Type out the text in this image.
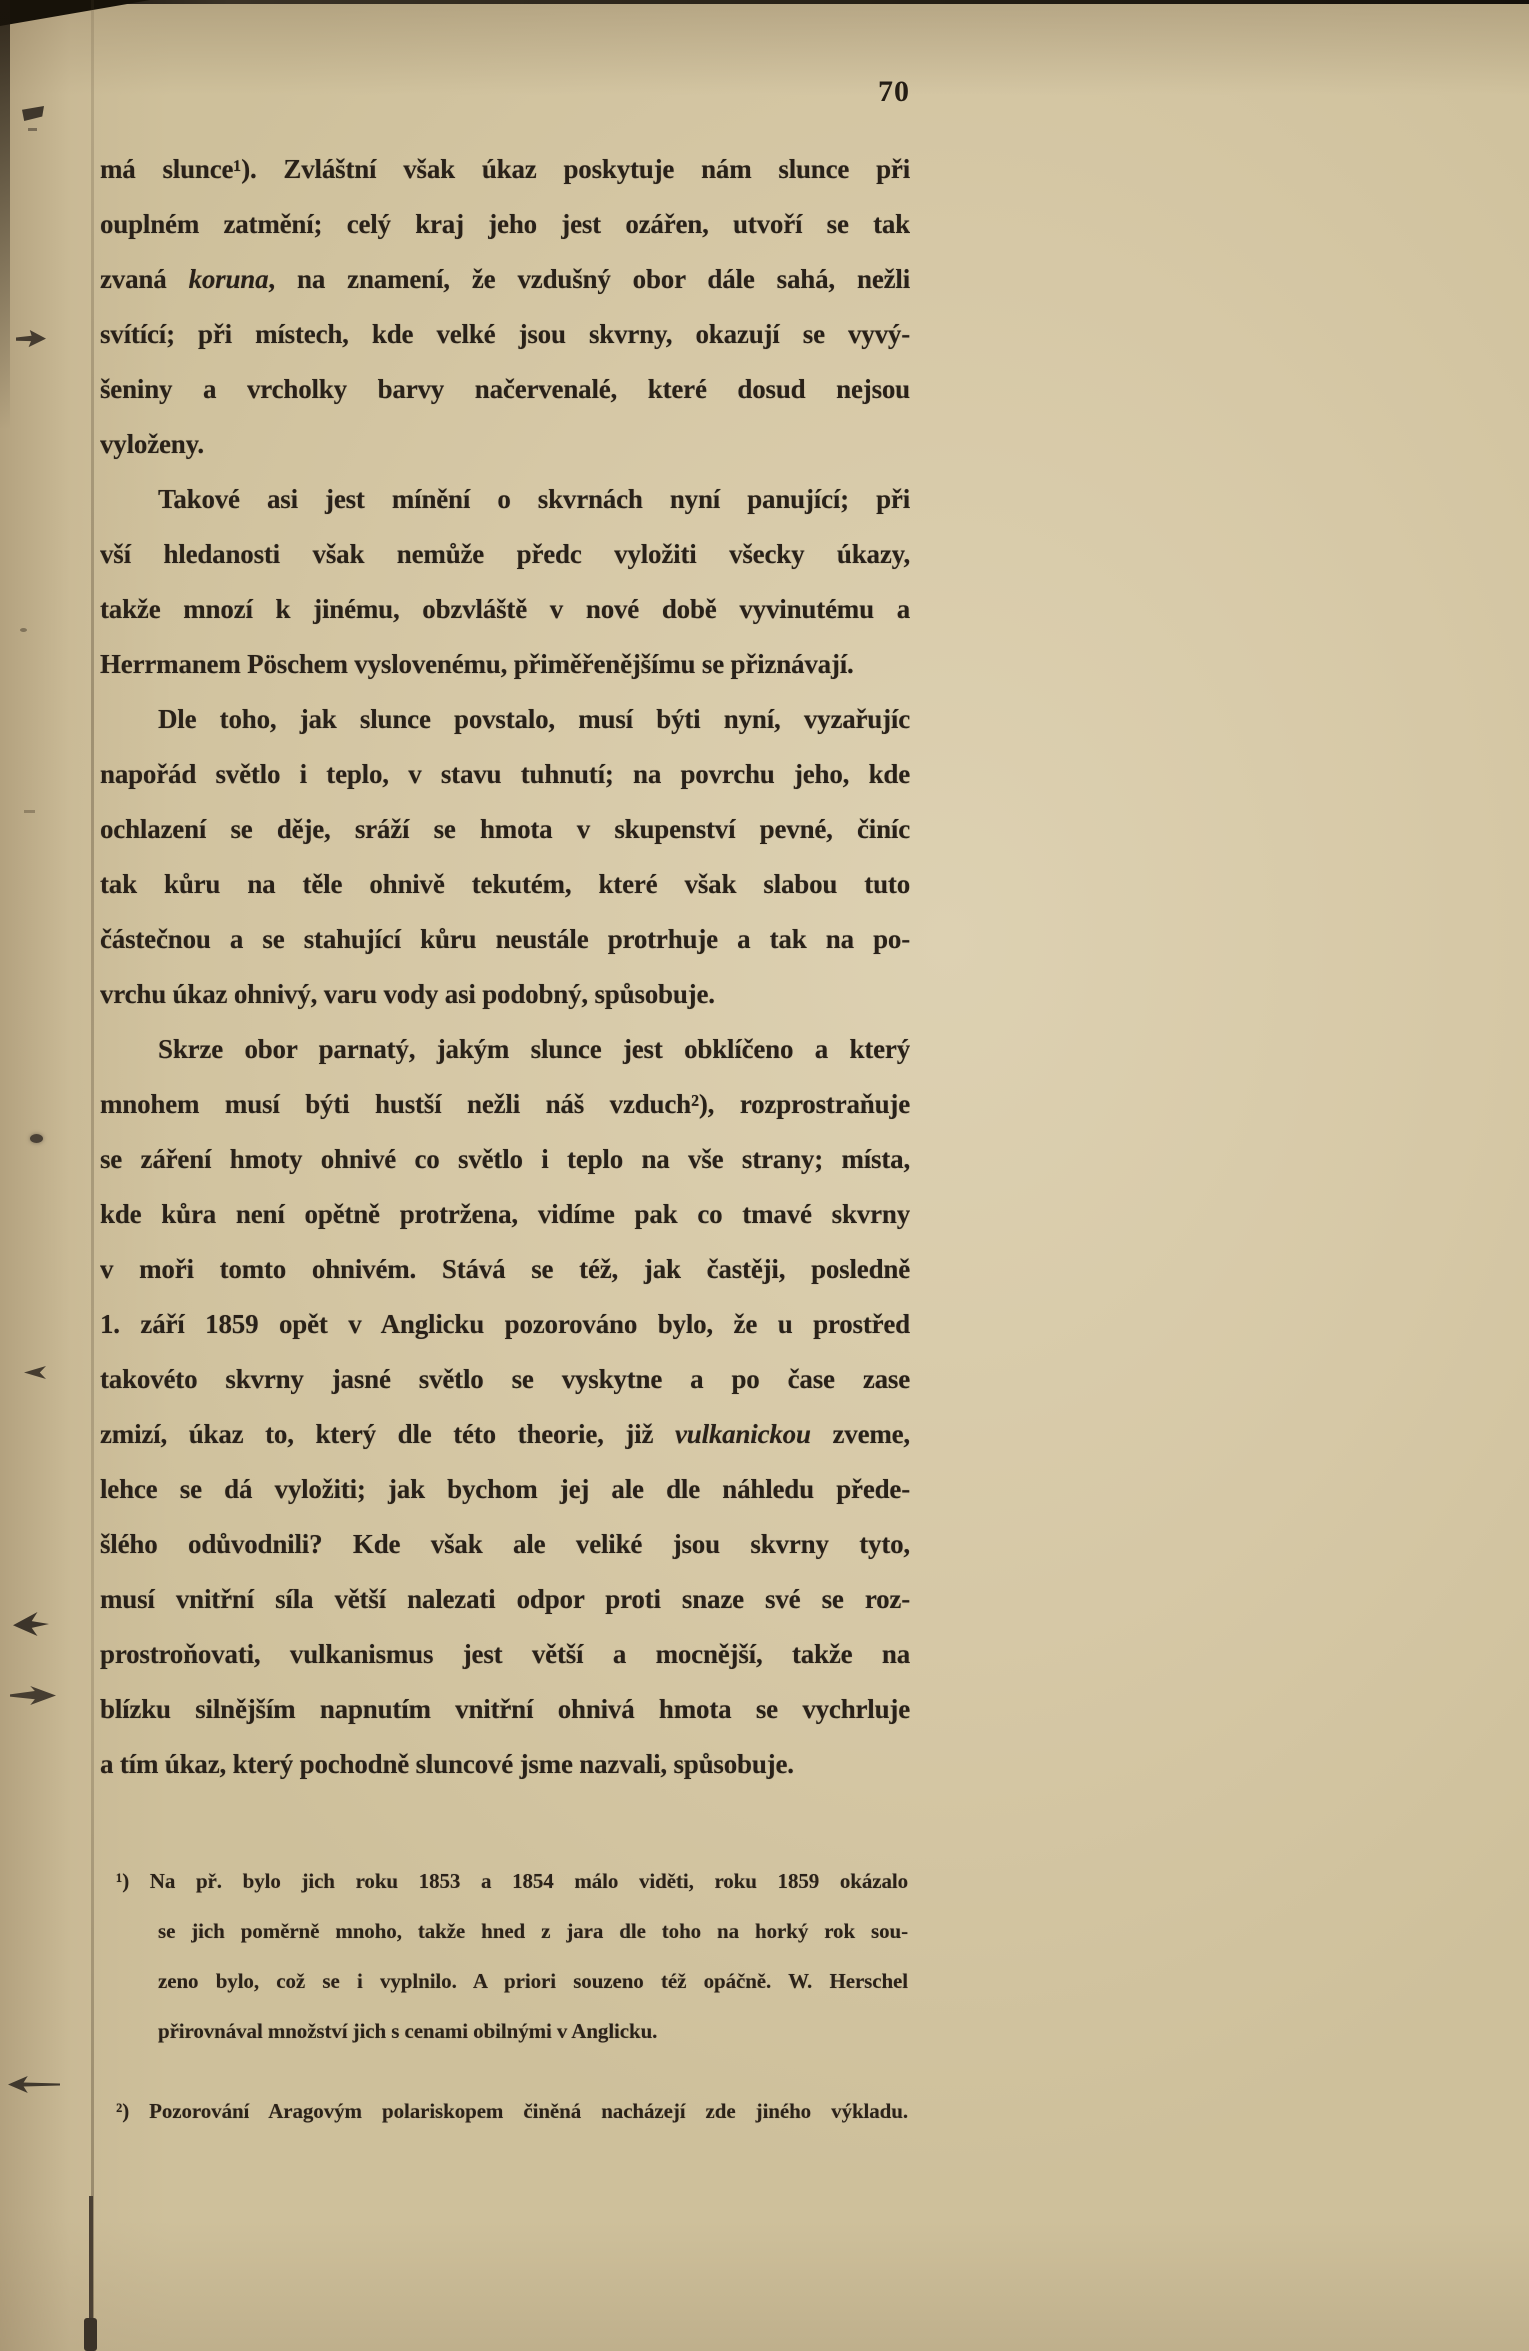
70
má slunce¹). Zvláštní však úkaz poskytuje nám slunce při
ouplném zatmění; celý kraj jeho jest ozářen, utvoří se tak
zvaná koruna, na znamení, že vzdušný obor dále sahá, nežli
svítící; při místech, kde velké jsou skvrny, okazují se vyvý-
šeniny a vrcholky barvy načervenalé, které dosud nejsou
vyloženy.
Takové asi jest mínění o skvrnách nyní panující; při
vší hledanosti však nemůže předc vyložiti všecky úkazy,
takže mnozí k jinému, obzvláště v nové době vyvinutému a
Herrmanem Pöschem vyslovenému, přiměřenějšímu se přiznávají.
Dle toho, jak slunce povstalo, musí býti nyní, vyzařujíc
napořád světlo i teplo, v stavu tuhnutí; na povrchu jeho, kde
ochlazení se děje, sráží se hmota v skupenství pevné, činíc
tak kůru na těle ohnivě tekutém, které však slabou tuto
částečnou a se stahující kůru neustále protrhuje a tak na po-
vrchu úkaz ohnivý, varu vody asi podobný, spůsobuje.
Skrze obor parnatý, jakým slunce jest obklíčeno a který
mnohem musí býti hustší nežli náš vzduch²), rozprostraňuje
se záření hmoty ohnivé co světlo i teplo na vše strany; místa,
kde kůra není opětně protržena, vidíme pak co tmavé skvrny
v moři tomto ohnivém. Stává se též, jak častěji, posledně
1. září 1859 opět v Anglicku pozorováno bylo, že u prostřed
takovéto skvrny jasné světlo se vyskytne a po čase zase
zmizí, úkaz to, který dle této theorie, již vulkanickou zveme,
lehce se dá vyložiti; jak bychom jej ale dle náhledu přede-
šlého odůvodnili? Kde však ale veliké jsou skvrny tyto,
musí vnitřní síla větší nalezati odpor proti snaze své se roz-
prostroňovati, vulkanismus jest větší a mocnější, takže na
blízku silnějším napnutím vnitřní ohnivá hmota se vychrluje
a tím úkaz, který pochodně sluncové jsme nazvali, spůsobuje.
¹) Na př. bylo jich roku 1853 a 1854 málo viděti, roku 1859 okázalo
se jich poměrně mnoho, takže hned z jara dle toho na horký rok sou-
zeno bylo, což se i vyplnilo. A priori souzeno též opáčně. W. Herschel
přirovnával množství jich s cenami obilnými v Anglicku.
²) Pozorování Aragovým polariskopem činěná nacházejí zde jiného výkladu.
